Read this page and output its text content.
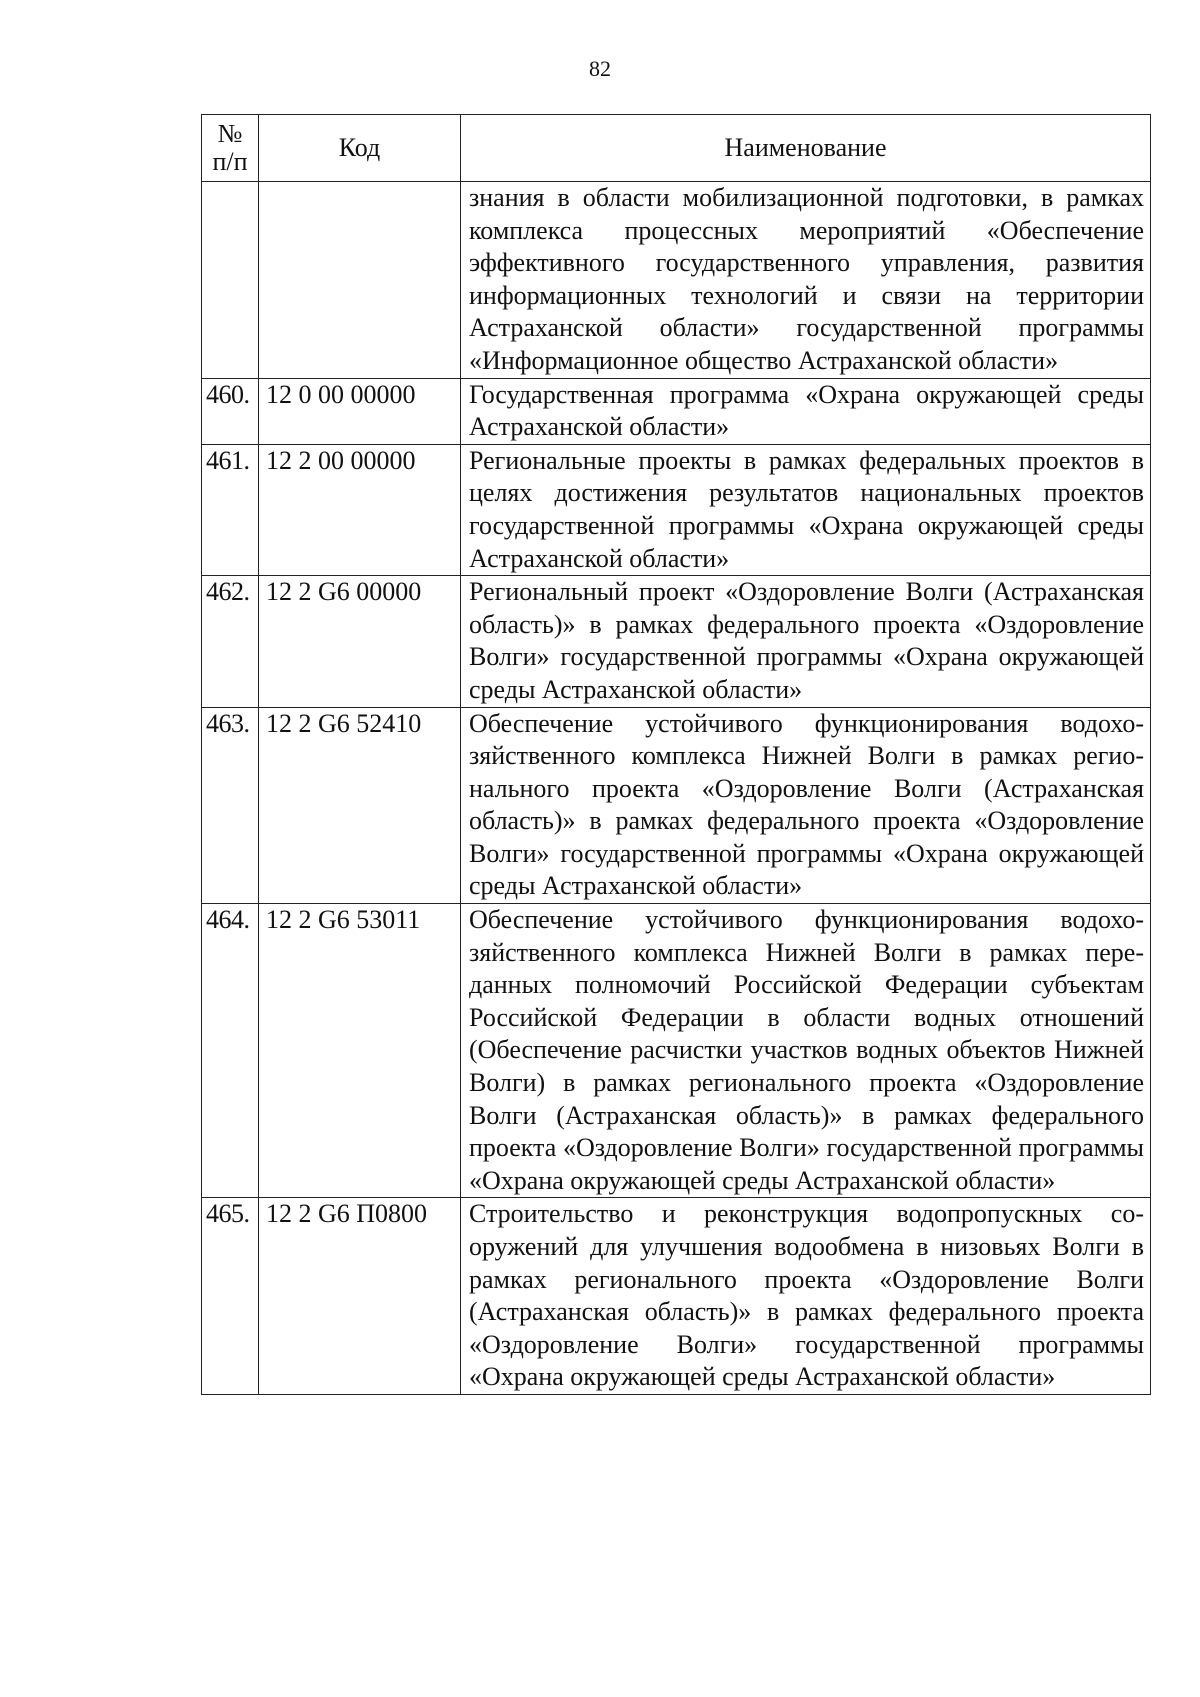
82
№
п/п	Код	Наименование
		знания в области мобилизационной подготовки, в рамках комплекса процессных мероприятий «Обеспечение эффективного государственного управления, развития информационных технологий и связи на территории Астраханской области» государственной программы «Информационное общество Астраханской области»
460.	12 0 00 00000	Государственная программа «Охрана окружающей среды Астраханской области»
461.	12 2 00 00000	Региональные проекты в рамках федеральных проектов в целях достижения результатов национальных проектов государственной программы «Охрана окружающей среды Астраханской области»
462.	12 2 G6 00000	Региональный проект «Оздоровление Волги (Астраханская область)» в рамках федерального проекта «Оздоровление Волги» государственной программы «Охрана окружающей среды Астраханской области»
463.	12 2 G6 52410	Обеспечение устойчивого функционирования водохозяйственного комплекса Нижней Волги в рамках регионального проекта «Оздоровление Волги (Астраханская область)» в рамках федерального проекта «Оздоровление Волги» государственной программы «Охрана окружающей среды Астраханской области»
464.	12 2 G6 53011	Обеспечение устойчивого функционирования водохозяйственного комплекса Нижней Волги в рамках переданных полномочий Российской Федерации субъектам Российской Федерации в области водных отношений (Обеспечение расчистки участков водных объектов Нижней Волги) в рамках регионального проекта «Оздоровление Волги (Астраханская область)» в рамках федерального проекта «Оздоровление Волги» государственной программы «Охрана окружающей среды Астраханской области»
465.	12 2 G6 П0800	Строительство и реконструкция водопропускных сооружений для улучшения водообмена в низовьях Волги в рамках регионального проекта «Оздоровление Волги (Астраханская область)» в рамках федерального проекта «Оздоровление Волги» государственной программы «Охрана окружающей среды Астраханской области»
